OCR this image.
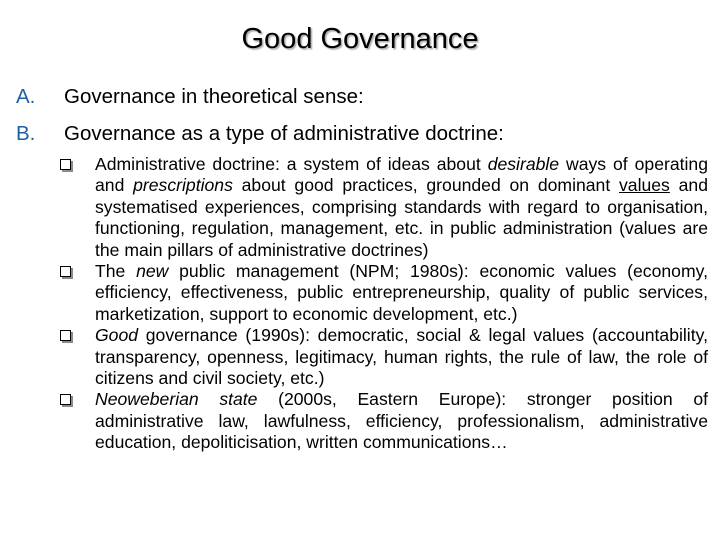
Good Governance
A. Governance in theoretical sense:
B. Governance as a type of administrative doctrine:
Administrative doctrine: a system of ideas about desirable ways of operating and prescriptions about good practices, grounded on dominant values and systematised experiences, comprising standards with regard to organisation, functioning, regulation, management, etc. in public administration (values are the main pillars of administrative doctrines)
The new public management (NPM; 1980s): economic values (economy, efficiency, effectiveness, public entrepreneurship, quality of public services, marketization, support to economic development, etc.)
Good governance (1990s): democratic, social & legal values (accountability, transparency, openness, legitimacy, human rights, the rule of law, the role of citizens and civil society, etc.)
Neoweberian state (2000s, Eastern Europe): stronger position of administrative law, lawfulness, efficiency, professionalism, administrative education, depoliticisation, written communications…
